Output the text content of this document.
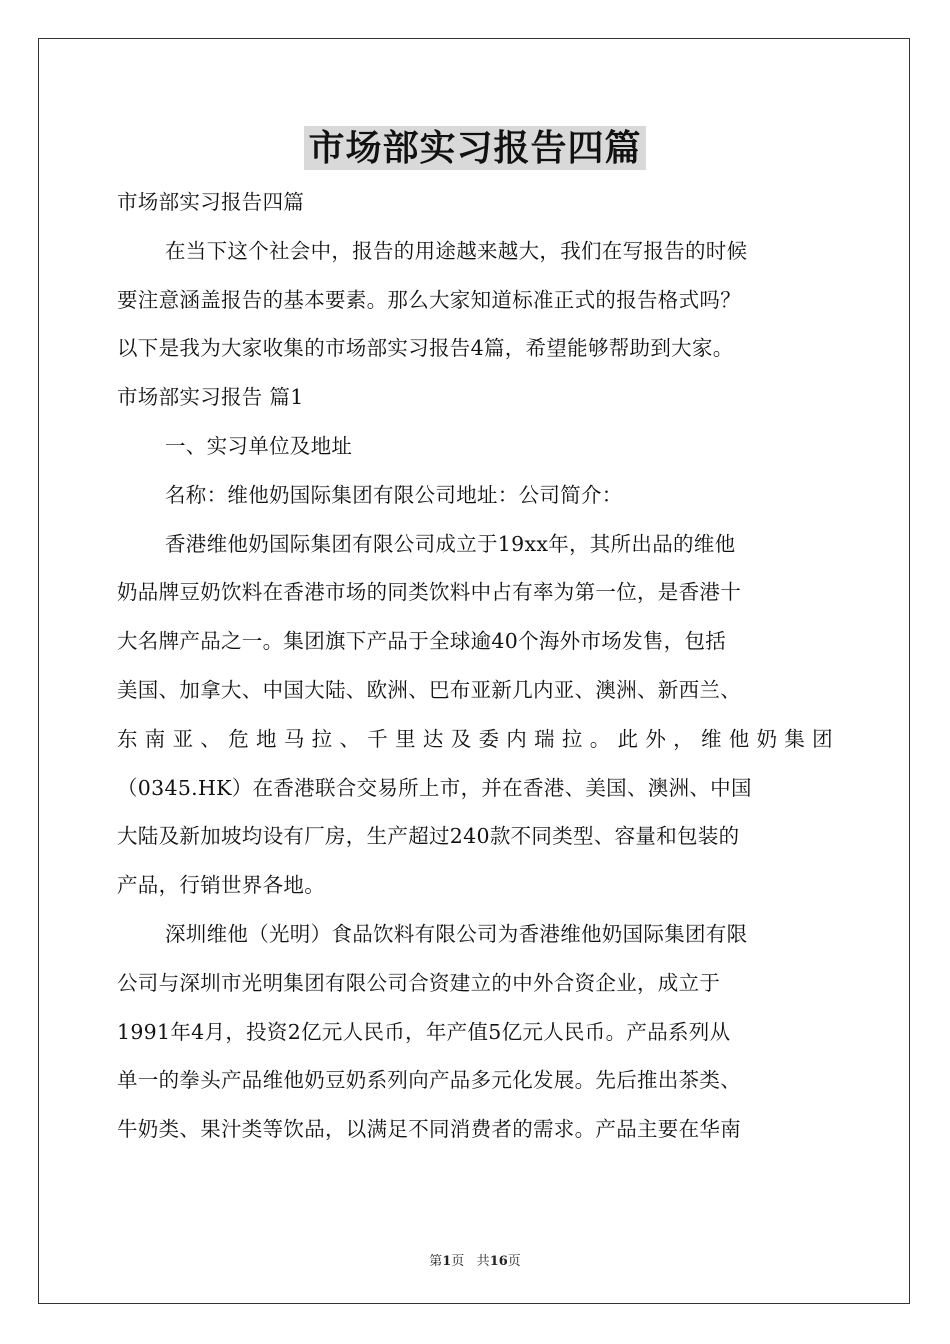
市场部实习报告四篇
市场部实习报告四篇
在当下这个社会中，报告的用途越来越大，我们在写报告的时候
要注意涵盖报告的基本要素。那么大家知道标准正式的报告格式吗？
以下是我为大家收集的市场部实习报告4篇，希望能够帮助到大家。
市场部实习报告 篇1
一、实习单位及地址
名称：维他奶国际集团有限公司地址：公司简介：
香港维他奶国际集团有限公司成立于19xx年，其所出品的维他
奶品牌豆奶饮料在香港市场的同类饮料中占有率为第一位，是香港十
大名牌产品之一。集团旗下产品于全球逾40个海外市场发售，包括
美国、加拿大、中国大陆、欧洲、巴布亚新几内亚、澳洲、新西兰、
东南亚、危地马拉、千里达及委内瑞拉。此外，维他奶集团
（0345.HK）在香港联合交易所上市，并在香港、美国、澳洲、中国
大陆及新加坡均设有厂房，生产超过240款不同类型、容量和包装的
产品，行销世界各地。
深圳维他（光明）食品饮料有限公司为香港维他奶国际集团有限
公司与深圳市光明集团有限公司合资建立的中外合资企业，成立于
1991年4月，投资2亿元人民币，年产值5亿元人民币。产品系列从
单一的拳头产品维他奶豆奶系列向产品多元化发展。先后推出茶类、
牛奶类、果汁类等饮品，以满足不同消费者的需求。产品主要在华南
第1页 共16页
